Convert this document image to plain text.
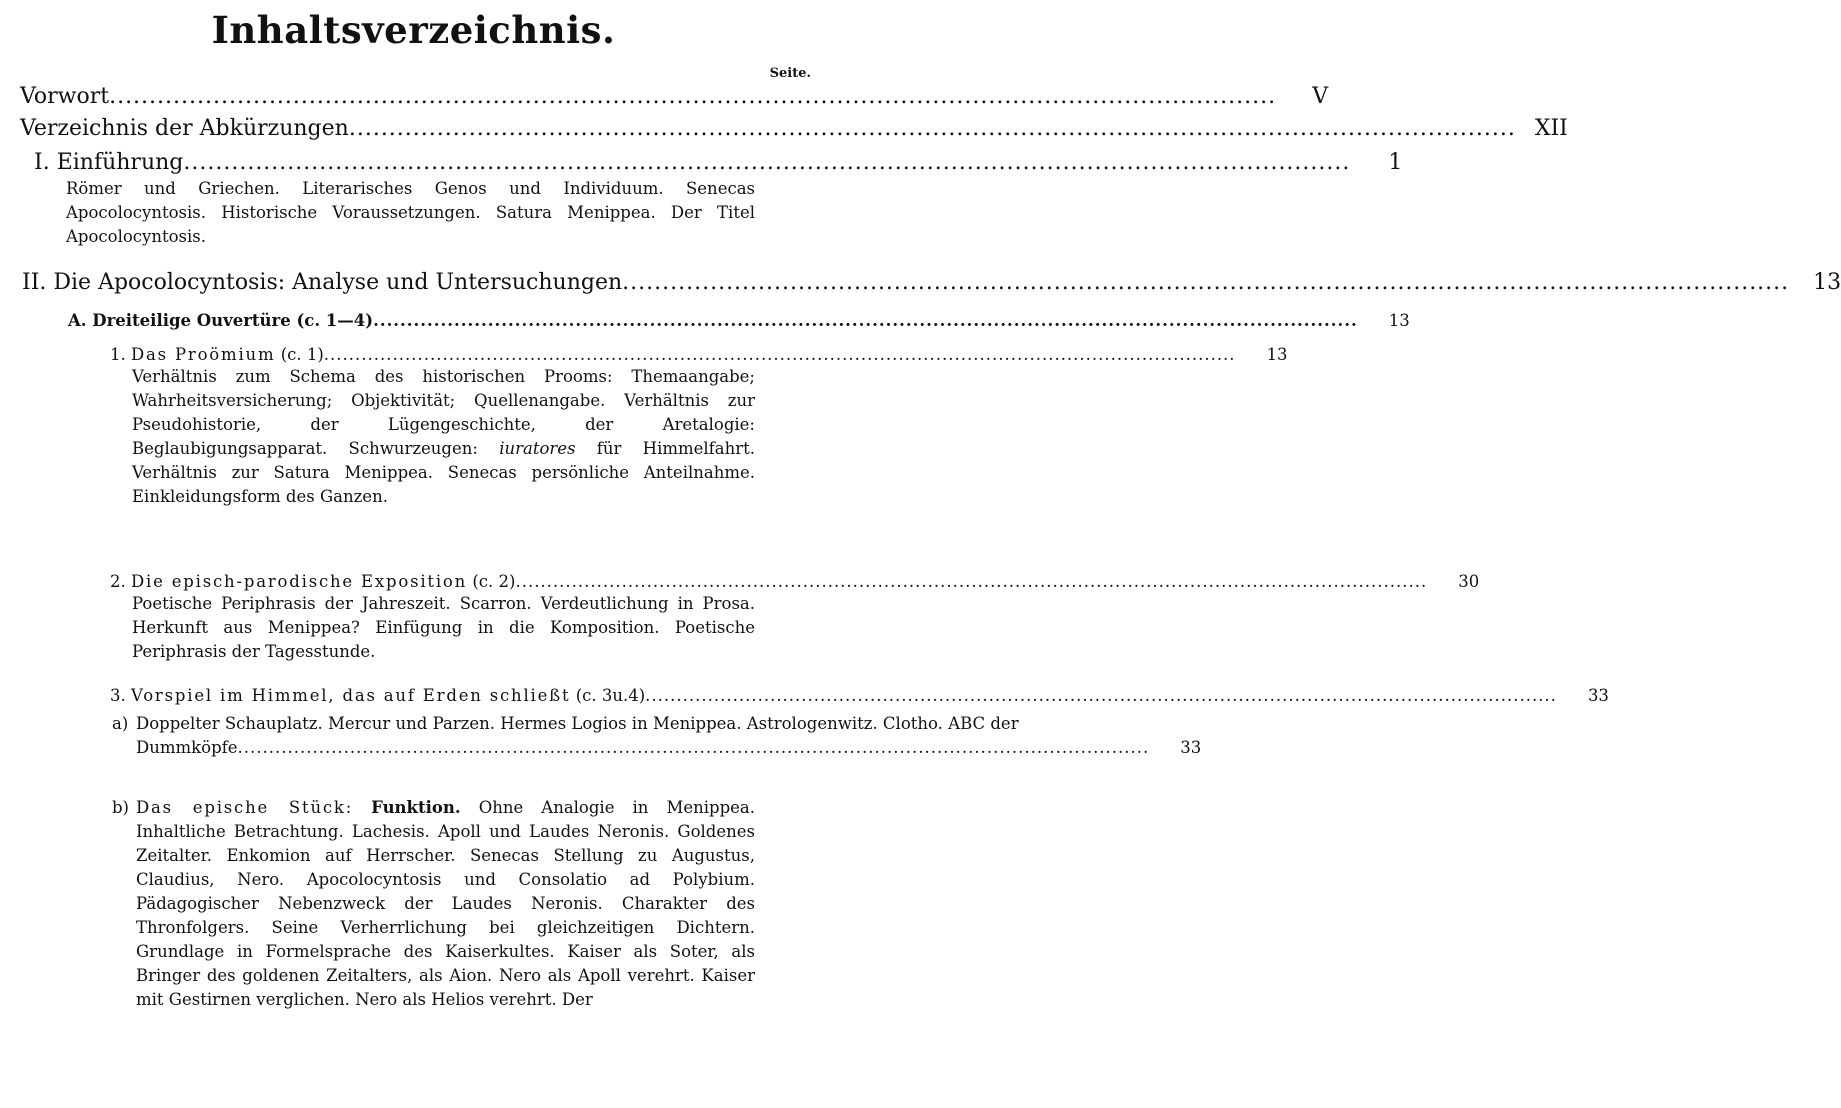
Inhaltsverzeichnis.
Seite.
Vorwort ..................................................................................................................................................	V
Verzeichnis der Abkürzungen .................................................................................................................................................. XII
I. Einführung ..................................................................................................................................................	1
Römer und Griechen. Literarisches Genos und Individuum. Senecas Apocolocyntosis. Historische Voraussetzungen. Satura Menippea. Der Titel Apocolocyntosis.
II. Die Apocolocyntosis: Analyse und Untersuchungen ..................................................................................................................................................	13
A. Dreiteilige Ouvertüre (c. 1—4) ..................................................................................................................................................	13
1. Das Proömium (c. 1) ..................................................................................................................................................	13
Verhältnis zum Schema des historischen Prooms: Themaangabe; Wahrheitsversicherung; Objektivität; Quellenangabe. Verhältnis zur Pseudohistorie, der Lügengeschichte, der Aretalogie: Beglaubigungsapparat. Schwurzeugen: iuratores für Himmelfahrt. Verhältnis zur Satura Menippea. Senecas persönliche Anteilnahme. Einkleidungsform des Ganzen.
2. Die episch-parodische Exposition (c. 2) ..................................................................................................................................................	30
Poetische Periphrasis der Jahreszeit. Scarron. Verdeutlichung in Prosa. Herkunft aus Menippea? Einfügung in die Komposition. Poetische Periphrasis der Tagesstunde.
3. Vorspiel im Himmel, das auf Erden schließt (c. 3u.4) ..................................................................................................................................................	33
a) Doppelter Schauplatz. Mercur und Parzen. Hermes Logios in Menippea. Astrologenwitz. Clotho. ABC der
Dummköpfe ..................................................................................................................................................	33
b) Das epische Stück: Funktion. Ohne Analogie in Menippea. Inhaltliche Betrachtung. Lachesis. Apoll und Laudes Neronis. Goldenes Zeitalter. Enkomion auf Herrscher. Senecas Stellung zu Augustus, Claudius, Nero. Apocolocyntosis und Consolatio ad Polybium. Pädagogischer Nebenzweck der Laudes Neronis. Charakter des Thronfolgers. Seine Verherrlichung bei gleichzeitigen Dichtern. Grundlage in Formelsprache des Kaiserkultes. Kaiser als Soter, als Bringer des goldenen Zeitalters, als Aion. Nero als Apoll verehrt. Kaiser mit Gestirnen verglichen. Nero als Helios verehrt. Der
